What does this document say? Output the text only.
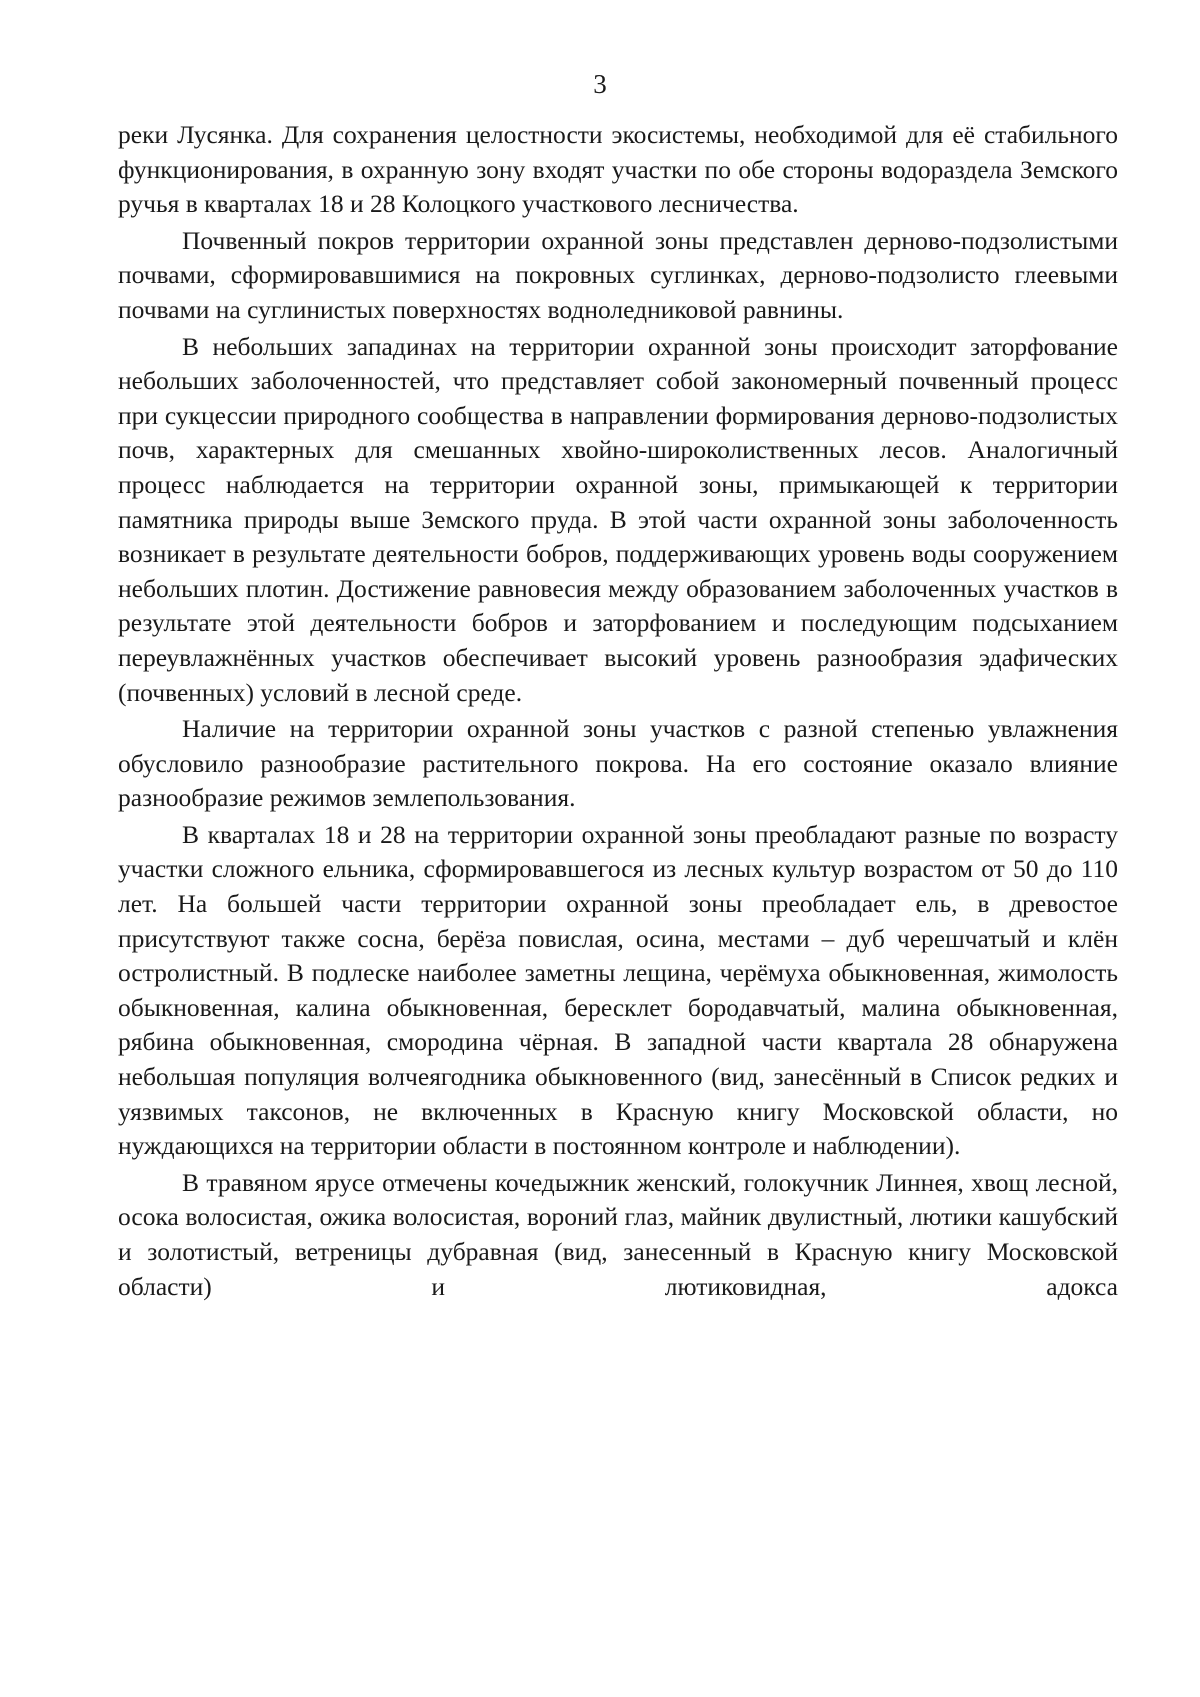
3

реки Лусянка. Для сохранения целостности экосистемы, необходимой для её стабильного функционирования, в охранную зону входят участки по обе стороны водораздела Земского ручья в кварталах 18 и 28 Колоцкого участкового лесничества.

Почвенный покров территории охранной зоны представлен дерново-подзолистыми почвами, сформировавшимися на покровных суглинках, дерново-подзолисто глеевыми почвами на суглинистых поверхностях водноледниковой равнины.

В небольших западинах на территории охранной зоны происходит заторфование небольших заболоченностей, что представляет собой закономерный почвенный процесс при сукцессии природного сообщества в направлении формирования дерново-подзолистых почв, характерных для смешанных хвойно-широколиственных лесов. Аналогичный процесс наблюдается на территории охранной зоны, примыкающей к территории памятника природы выше Земского пруда. В этой части охранной зоны заболоченность возникает в результате деятельности бобров, поддерживающих уровень воды сооружением небольших плотин. Достижение равновесия между образованием заболоченных участков в результате этой деятельности бобров и заторфованием и последующим подсыханием переувлажнённых участков обеспечивает высокий уровень разнообразия эдафических (почвенных) условий в лесной среде.

Наличие на территории охранной зоны участков с разной степенью увлажнения обусловило разнообразие растительного покрова. На его состояние оказало влияние разнообразие режимов землепользования.

В кварталах 18 и 28 на территории охранной зоны преобладают разные по возрасту участки сложного ельника, сформировавшегося из лесных культур возрастом от 50 до 110 лет. На большей части территории охранной зоны преобладает ель, в древостое присутствуют также сосна, берёза повислая, осина, местами – дуб черешчатый и клён остролистный. В подлеске наиболее заметны лещина, черёмуха обыкновенная, жимолость обыкновенная, калина обыкновенная, бересклет бородавчатый, малина обыкновенная, рябина обыкновенная, смородина чёрная. В западной части квартала 28 обнаружена небольшая популяция волчеягодника обыкновенного (вид, занесённый в Список редких и уязвимых таксонов, не включенных в Красную книгу Московской области, но нуждающихся на территории области в постоянном контроле и наблюдении).

В травяном ярусе отмечены кочедыжник женский, голокучник Линнея, хвощ лесной, осока волосистая, ожика волосистая, вороний глаз, майник двулистный, лютики кашубский и золотистый, ветреницы дубравная (вид, занесенный в Красную книгу Московской области) и лютиковидная, адокса
